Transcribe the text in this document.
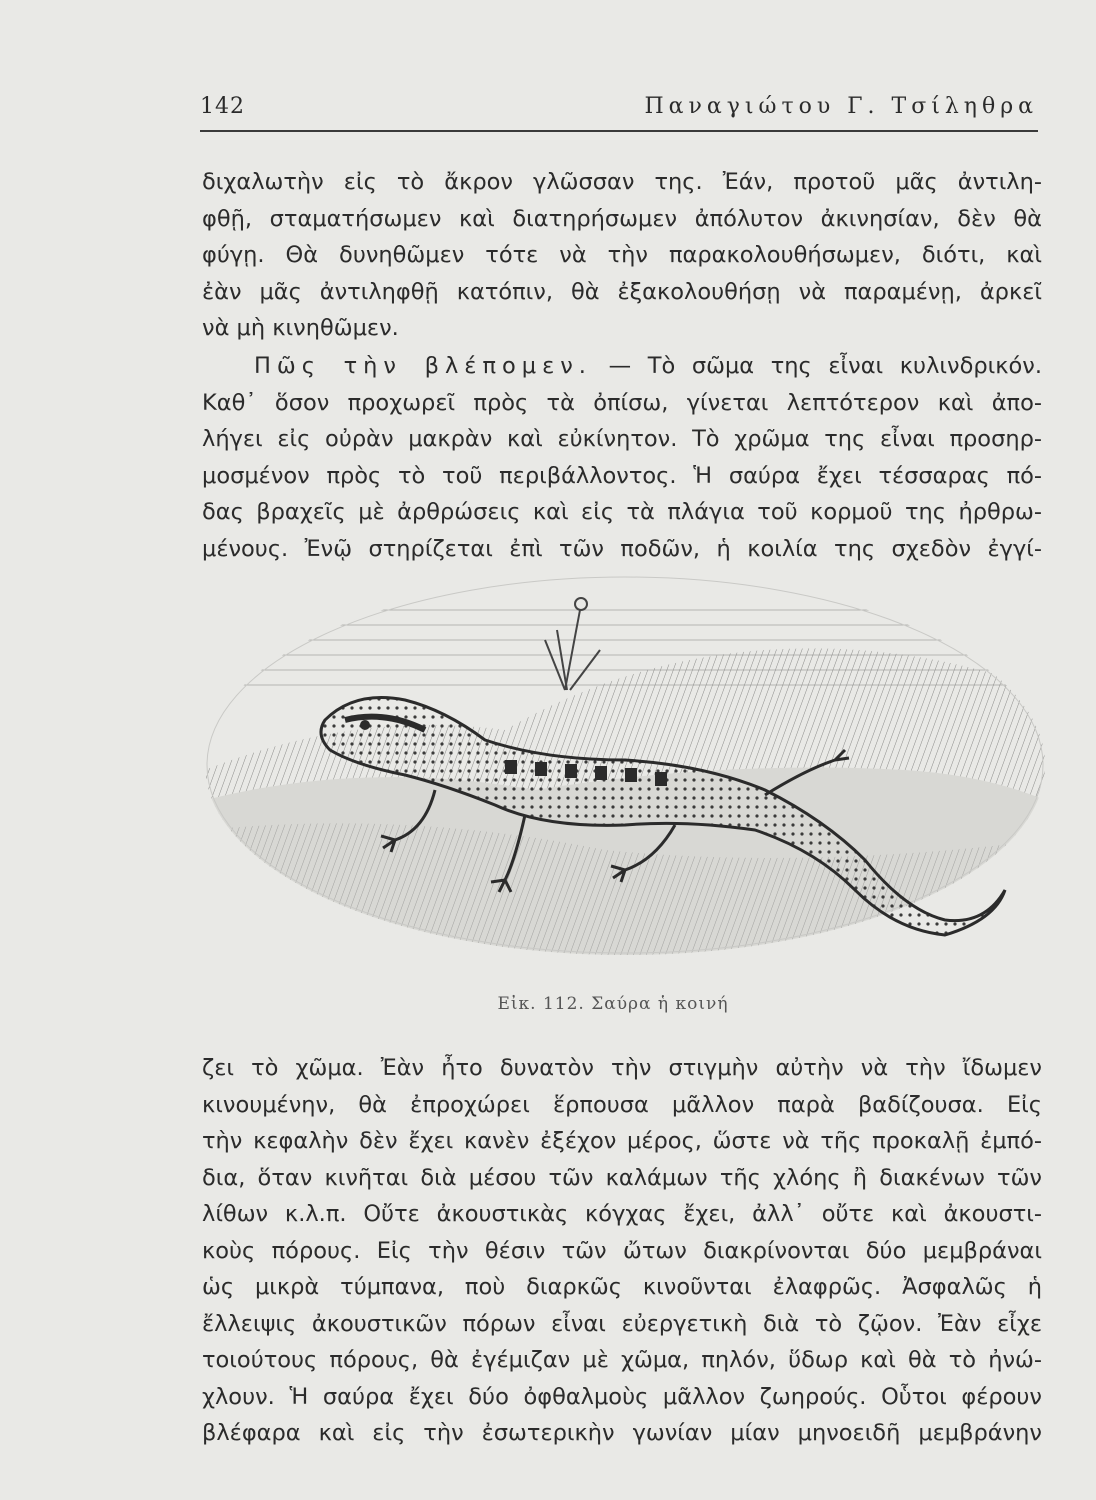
142	Παναγιώτου Γ. Τσίληθρα
διχαλωτὴν εἰς τὸ ἄκρον γλῶσσαν της. Ἐάν, προτοῦ μᾶς ἀντιλη-
φθῇ, σταματήσωμεν καὶ διατηρήσωμεν ἀπόλυτον ἀκινησίαν, δὲν θὰ
φύγῃ. Θὰ δυνηθῶμεν τότε νὰ τὴν παρακολουθήσωμεν, διότι, καὶ
ἐὰν μᾶς ἀντιληφθῇ κατόπιν, θὰ ἐξακολουθήσῃ νὰ παραμένῃ, ἀρκεῖ
νὰ μὴ κινηθῶμεν.
Πῶς τὴν βλέπομεν. — Τὸ σῶμα της εἶναι κυλινδρικόν.
Καθ᾽ ὅσον προχωρεῖ πρὸς τὰ ὀπίσω, γίνεται λεπτότερον καὶ ἀπο-
λήγει εἰς οὐρὰν μακρὰν καὶ εὐκίνητον. Τὸ χρῶμα της εἶναι προσηρ-
μοσμένον πρὸς τὸ τοῦ περιβάλλοντος. Ἡ σαύρα ἔχει τέσσαρας πό-
δας βραχεῖς μὲ ἀρθρώσεις καὶ εἰς τὰ πλάγια τοῦ κορμοῦ της ἠρθρω-
μένους. Ἐνῷ στηρίζεται ἐπὶ τῶν ποδῶν, ἡ κοιλία της σχεδὸν ἐγγί-
Εἰκ. 112. Σαύρα ἡ κοινή
ζει τὸ χῶμα. Ἐὰν ἦτο δυνατὸν τὴν στιγμὴν αὐτὴν νὰ τὴν ἴδωμεν
κινουμένην, θὰ ἐπροχώρει ἕρπουσα μᾶλλον παρὰ βαδίζουσα. Εἰς
τὴν κεφαλὴν δὲν ἔχει κανὲν ἐξέχον μέρος, ὥστε νὰ τῆς προκαλῇ ἐμπό-
δια, ὅταν κινῆται διὰ μέσου τῶν καλάμων τῆς χλόης ἢ διακένων τῶν
λίθων κ.λ.π. Οὔτε ἀκουστικὰς κόγχας ἔχει, ἀλλ᾽ οὔτε καὶ ἀκουστι-
κοὺς πόρους. Εἰς τὴν θέσιν τῶν ὤτων διακρίνονται δύο μεμβράναι
ὡς μικρὰ τύμπανα, ποὺ διαρκῶς κινοῦνται ἐλαφρῶς. Ἀσφαλῶς ἡ
ἔλλειψις ἀκουστικῶν πόρων εἶναι εὐεργετικὴ διὰ τὸ ζῷον. Ἐὰν εἶχε
τοιούτους πόρους, θὰ ἐγέμιζαν μὲ χῶμα, πηλόν, ὕδωρ καὶ θὰ τὸ ἠνώ-
χλουν. Ἡ σαύρα ἔχει δύο ὀφθαλμοὺς μᾶλλον ζωηρούς. Οὗτοι φέρουν
βλέφαρα καὶ εἰς τὴν ἐσωτερικὴν γωνίαν μίαν μηνοειδῆ μεμβράνην
